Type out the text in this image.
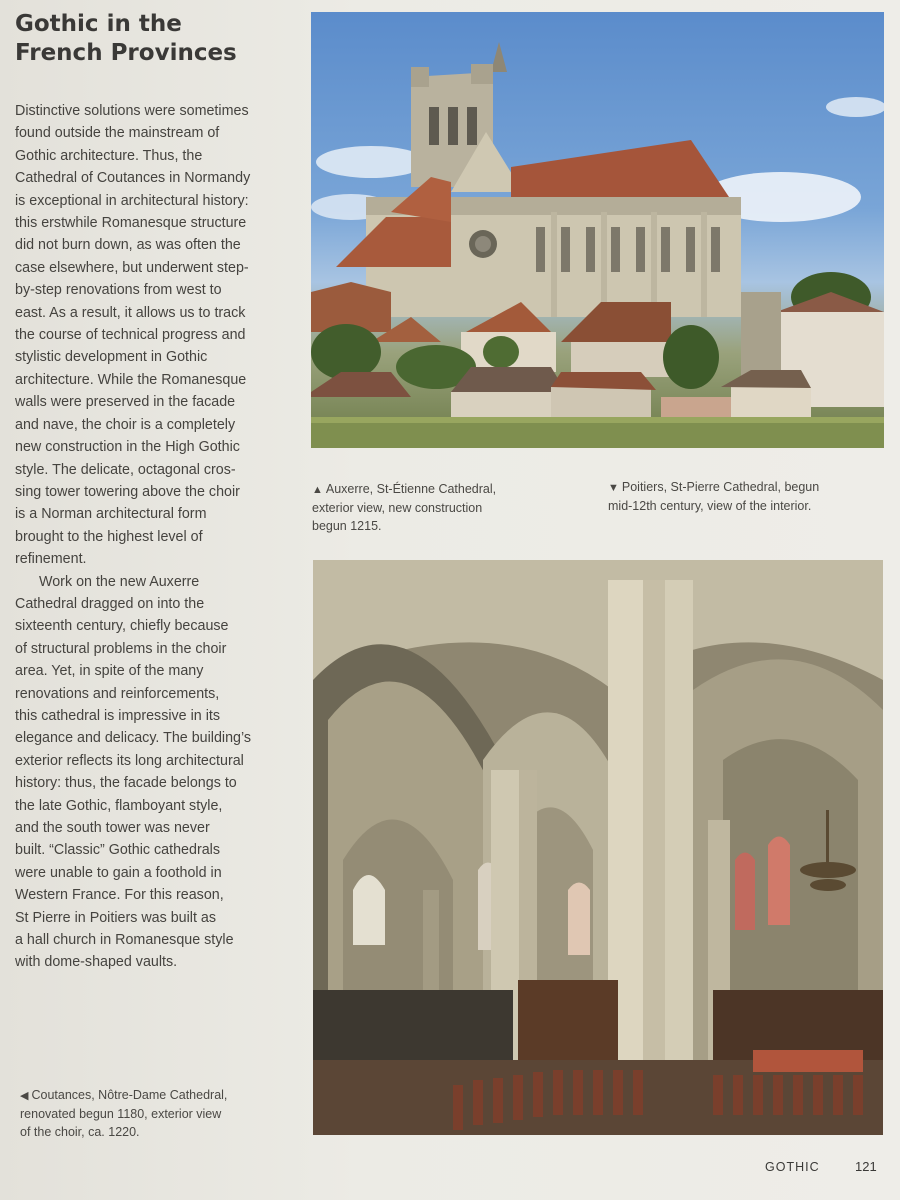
Gothic in the
French Provinces

Distinctive solutions were sometimes
found outside the mainstream of
Gothic architecture. Thus, the
Cathedral of Coutances in Normandy
is exceptional in architectural history:
this erstwhile Romanesque structure
did not burn down, as was often the
case elsewhere, but underwent step-
by-step renovations from west to
east. As a result, it allows us to track
the course of technical progress and
stylistic development in Gothic
architecture. While the Romanesque
walls were preserved in the facade
and nave, the choir is a completely
new construction in the High Gothic
style. The delicate, octagonal cros-
sing tower towering above the choir
is a Norman architectural form
brought to the highest level of
refinement.

Work on the new Auxerre
Cathedral dragged on into the
sixteenth century, chiefly because
of structural problems in the choir
area. Yet, in spite of the many
renovations and reinforcements,
this cathedral is impressive in its
elegance and delicacy. The building’s
exterior reflects its long architectural
history: thus, the facade belongs to
the late Gothic, flamboyant style,
and the south tower was never
built. “Classic” Gothic cathedrals
were unable to gain a foothold in
Western France. For this reason,
St Pierre in Poitiers was built as
a hall church in Romanesque style
with dome-shaped vaults.

▲ Auxerre, St-Étienne Cathedral,
exterior view, new construction
begun 1215.
▼ Poitiers, St-Pierre Cathedral, begun
mid-12th century, view of the interior.
◀ Coutances, Nôtre-Dame Cathedral,
renovated begun 1180, exterior view
of the choir, ca. 1220.
GOTHIC	121
